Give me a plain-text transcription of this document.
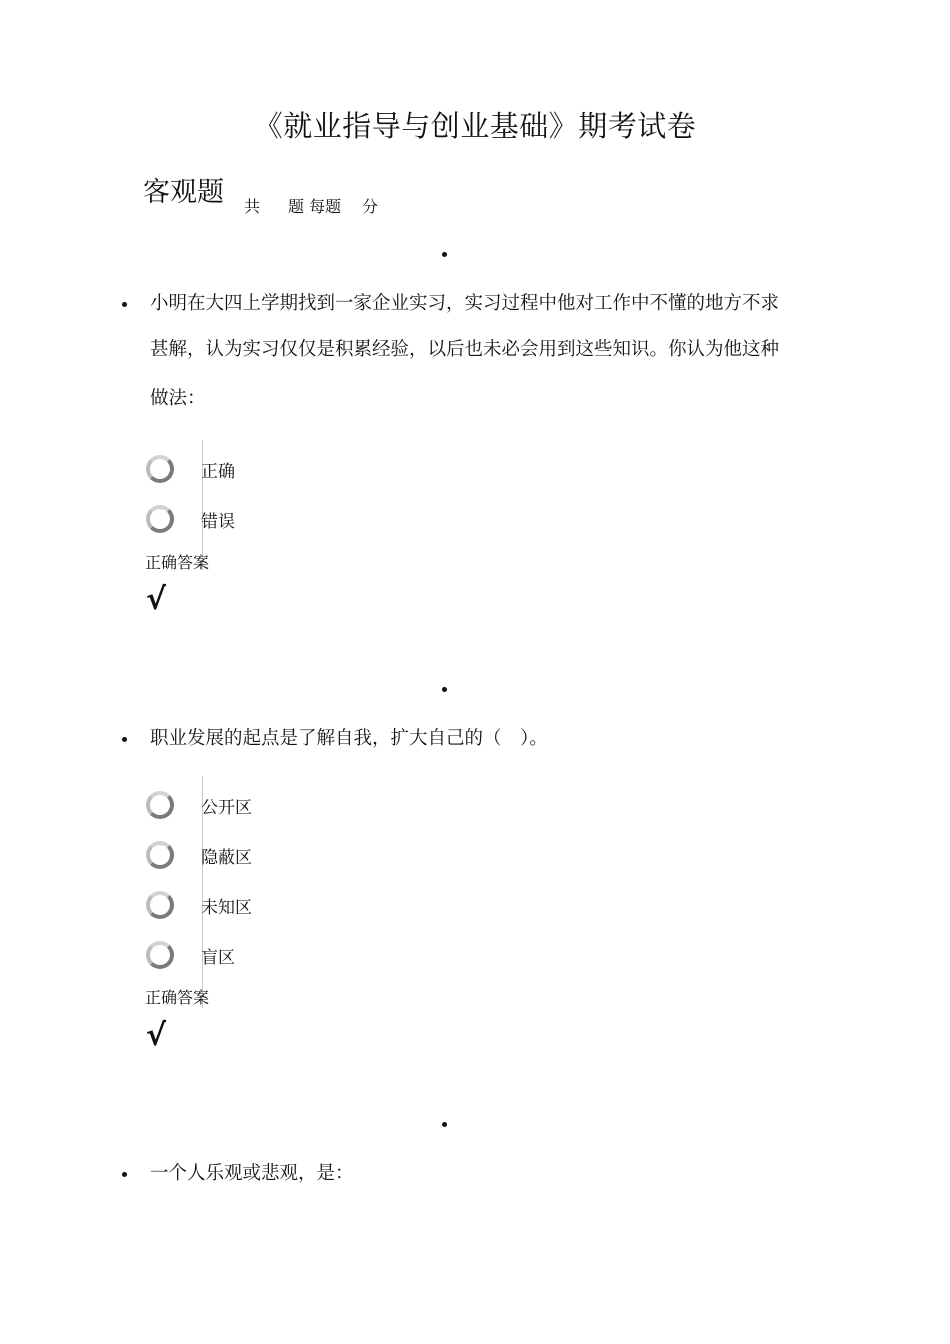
《就业指导与创业基础》期考试卷
客观题 共 题 每题 分
小明在大四上学期找到一家企业实习，实习过程中他对工作中不懂的地方不求
甚解，认为实习仅仅是积累经验，以后也未必会用到这些知识。你认为他这种
做法：
正确
错误
正确答案
√
职业发展的起点是了解自我，扩大自己的（　）。
公开区
隐蔽区
未知区
盲区
正确答案
√
一个人乐观或悲观，是：
